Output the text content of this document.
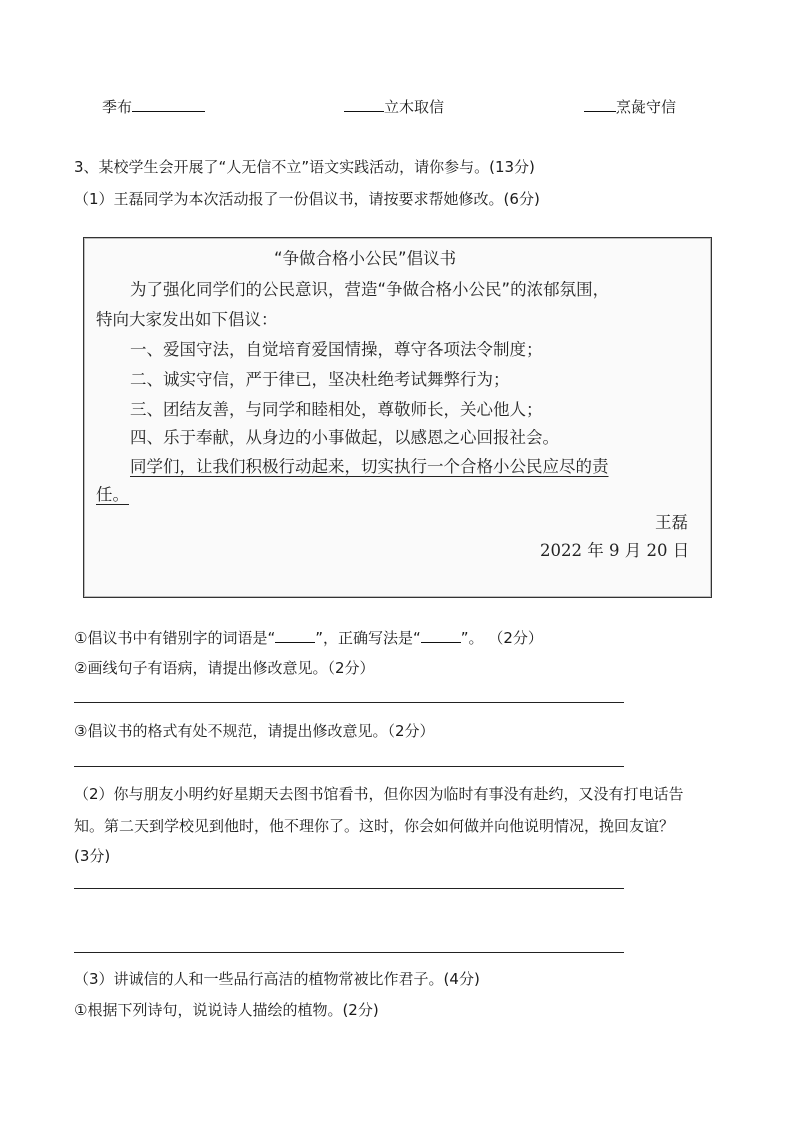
季布	立木取信	烹彘守信
3、某校学生会开展了“人无信不立”语文实践活动，请你参与。(13分)
（1）王磊同学为本次活动报了一份倡议书，请按要求帮她修改。(6分)
“争做合格小公民”倡议书
为了强化同学们的公民意识，营造“争做合格小公民”的浓郁氛围，
特向大家发出如下倡议：
一、爱国守法，自觉培育爱国情操，尊守各项法令制度；
二、诚实守信，严于律已，坚决杜绝考试舞弊行为；
三、团结友善，与同学和睦相处，尊敬师长，关心他人；
四、乐于奉献，从身边的小事做起，以感恩之心回报社会。
同学们，让我们积极行动起来，切实执行一个合格小公民应尽的责
任。
王磊
2022 年 9 月 20 日
①倡议书中有错别字的词语是“	”，正确写法是“	”。 （2分）
②画线句子有语病，请提出修改意见。（2分）
③倡议书的格式有处不规范，请提出修改意见。（2分）
（2）你与朋友小明约好星期天去图书馆看书，但你因为临时有事没有赴约，又没有打电话告
知。第二天到学校见到他时，他不理你了。这时，你会如何做并向他说明情况，挽回友谊？
(3分)
（3）讲诚信的人和一些品行高洁的植物常被比作君子。(4分)
①根据下列诗句，说说诗人描绘的植物。(2分)
